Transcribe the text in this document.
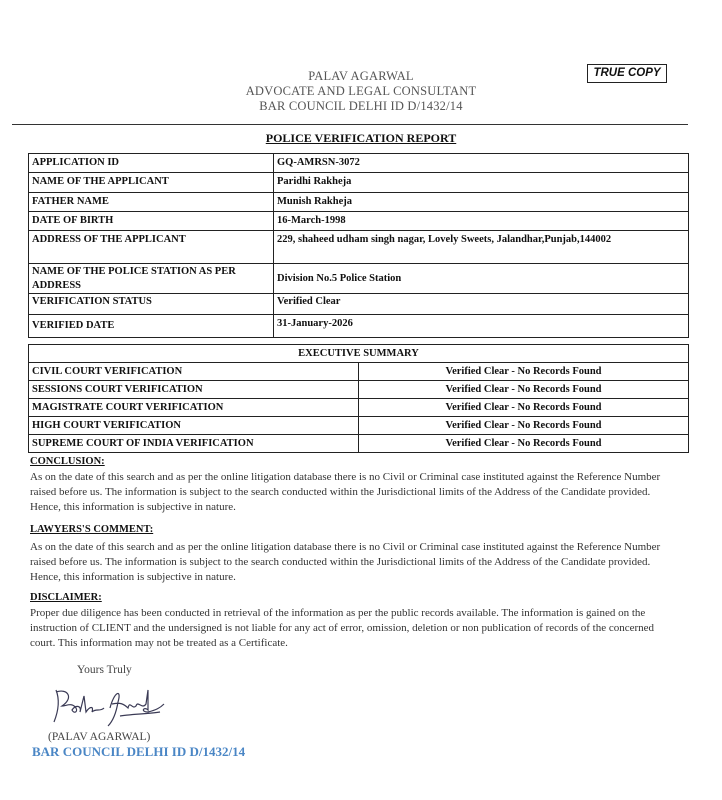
PALAV AGARWAL
ADVOCATE AND LEGAL CONSULTANT
BAR COUNCIL DELHI ID D/1432/14
TRUE COPY
POLICE VERIFICATION REPORT
APPLICATION ID	GQ-AMRSN-3072
NAME OF THE APPLICANT	Paridhi Rakheja
FATHER NAME	Munish Rakheja
DATE OF BIRTH	16-March-1998
ADDRESS OF THE APPLICANT	229, shaheed udham singh nagar, Lovely Sweets, Jalandhar,Punjab,144002
NAME OF THE POLICE STATION AS PER ADDRESS	Division No.5 Police Station
VERIFICATION STATUS	Verified Clear
VERIFIED DATE	31-January-2026
EXECUTIVE SUMMARY	
CIVIL COURT VERIFICATION	Verified Clear - No Records Found
SESSIONS COURT VERIFICATION	Verified Clear - No Records Found
MAGISTRATE COURT VERIFICATION	Verified Clear - No Records Found
HIGH COURT VERIFICATION	Verified Clear - No Records Found
SUPREME COURT OF INDIA VERIFICATION	Verified Clear - No Records Found
CONCLUSION:
As on the date of this search and as per the online litigation database there is no Civil or Criminal case instituted against the Reference Number raised before us. The information is subject to the search conducted within the Jurisdictional limits of the Address of the Candidate provided. Hence, this information is subjective in nature.
LAWYERS'S COMMENT:
As on the date of this search and as per the online litigation database there is no Civil or Criminal case instituted against the Reference Number raised before us. The information is subject to the search conducted within the Jurisdictional limits of the Address of the Candidate provided. Hence, this information is subjective in nature.
DISCLAIMER:
Proper due diligence has been conducted in retrieval of the information as per the public records available. The information is gained on the instruction of CLIENT and the undersigned is not liable for any act of error, omission, deletion or non publication of records of the concerned court. This information may not be treated as a Certificate.
Yours Truly
(PALAV AGARWAL)
BAR COUNCIL DELHI ID D/1432/14
